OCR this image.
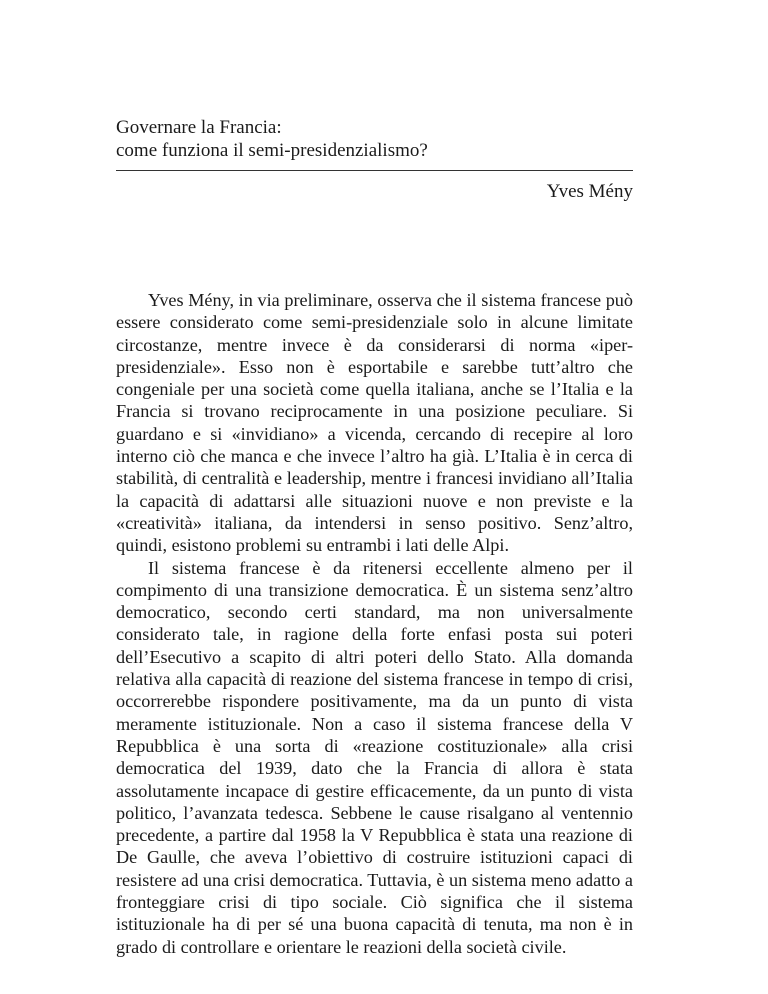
Governare la Francia:
come funziona il semi-presidenzialismo?

Yves Mény

Yves Mény, in via preliminare, osserva che il sistema francese può essere considerato come semi-presidenziale solo in alcune limitate circostanze, mentre invece è da considerarsi di norma «iper-presidenziale». Esso non è esportabile e sarebbe tutt’altro che congeniale per una società come quella italiana, anche se l’Italia e la Francia si trovano reciprocamente in una posizione peculiare. Si guardano e si «invidiano» a vicenda, cercando di recepire al loro interno ciò che manca e che invece l’altro ha già. L’Italia è in cerca di stabilità, di centralità e leadership, mentre i francesi invidiano all’Italia la capacità di adattarsi alle situazioni nuove e non previste e la «creatività» italiana, da intendersi in senso positivo. Senz’altro, quindi, esistono problemi su entrambi i lati delle Alpi.

Il sistema francese è da ritenersi eccellente almeno per il compimento di una transizione democratica. È un sistema senz’altro democratico, secondo certi standard, ma non universalmente considerato tale, in ragione della forte enfasi posta sui poteri dell’Esecutivo a scapito di altri poteri dello Stato. Alla domanda relativa alla capacità di reazione del sistema francese in tempo di crisi, occorrerebbe rispondere positivamente, ma da un punto di vista meramente istituzionale. Non a caso il sistema francese della V Repubblica è una sorta di «reazione costituzionale» alla crisi democratica del 1939, dato che la Francia di allora è stata assolutamente incapace di gestire efficacemente, da un punto di vista politico, l’avanzata tedesca. Sebbene le cause risalgano al ventennio precedente, a partire dal 1958 la V Repubblica è stata una reazione di De Gaulle, che aveva l’obiettivo di costruire istituzioni capaci di resistere ad una crisi democratica. Tuttavia, è un sistema meno adatto a fronteggiare crisi di tipo sociale. Ciò significa che il sistema istituzionale ha di per sé una buona capacità di tenuta, ma non è in grado di controllare e orientare le reazioni della società civile.
